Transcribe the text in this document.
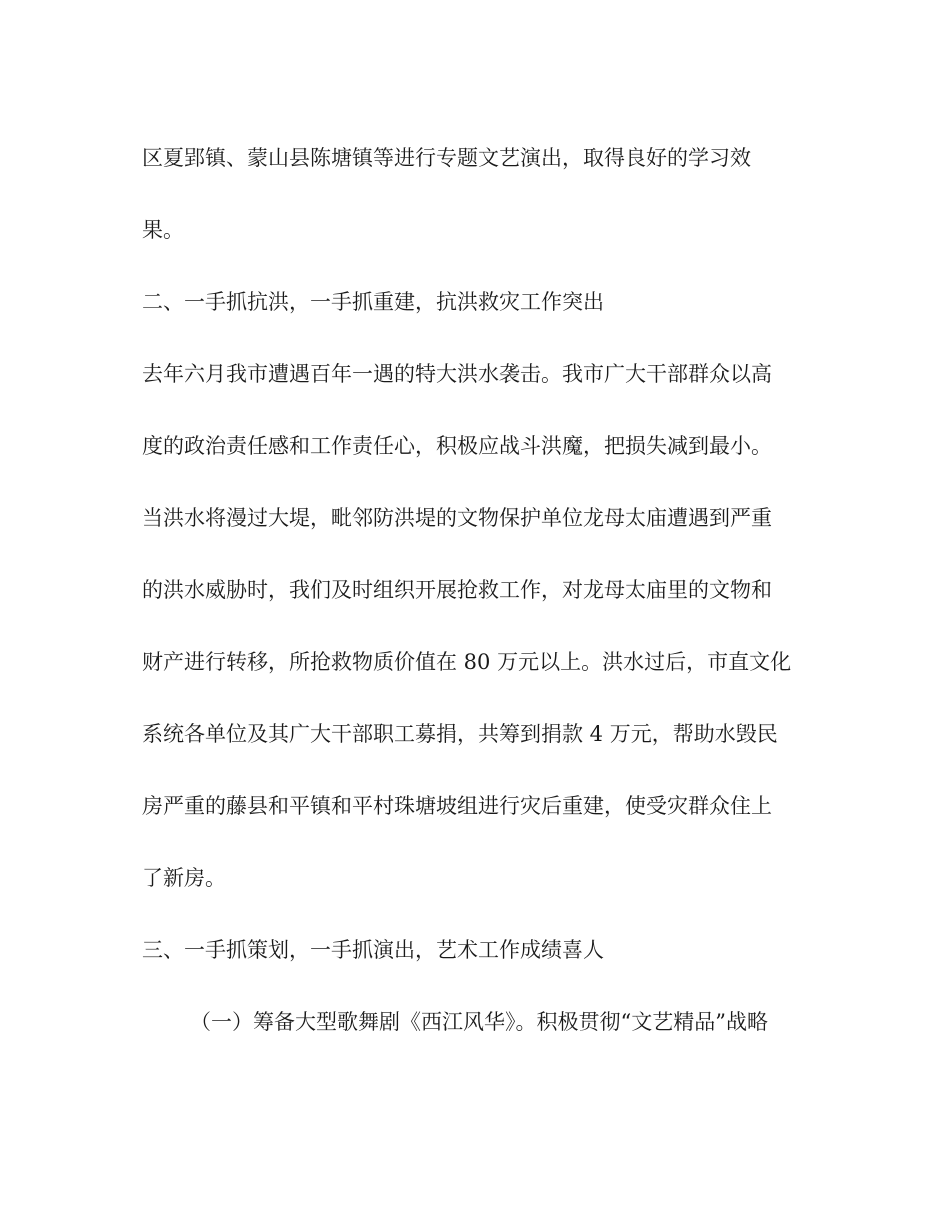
区夏郢镇、蒙山县陈塘镇等进行专题文艺演出，取得良好的学习效
果。
二、一手抓抗洪，一手抓重建，抗洪救灾工作突出
去年六月我市遭遇百年一遇的特大洪水袭击。我市广大干部群众以高
度的政治责任感和工作责任心，积极应战斗洪魔，把损失减到最小。
当洪水将漫过大堤，毗邻防洪堤的文物保护单位龙母太庙遭遇到严重
的洪水威胁时，我们及时组织开展抢救工作，对龙母太庙里的文物和
财产进行转移，所抢救物质价值在 80 万元以上。洪水过后，市直文化
系统各单位及其广大干部职工募捐，共筹到捐款 4 万元，帮助水毁民
房严重的藤县和平镇和平村珠塘坡组进行灾后重建，使受灾群众住上
了新房。
三、一手抓策划，一手抓演出，艺术工作成绩喜人
（一）筹备大型歌舞剧《西江风华》。积极贯彻“文艺精品”战略
